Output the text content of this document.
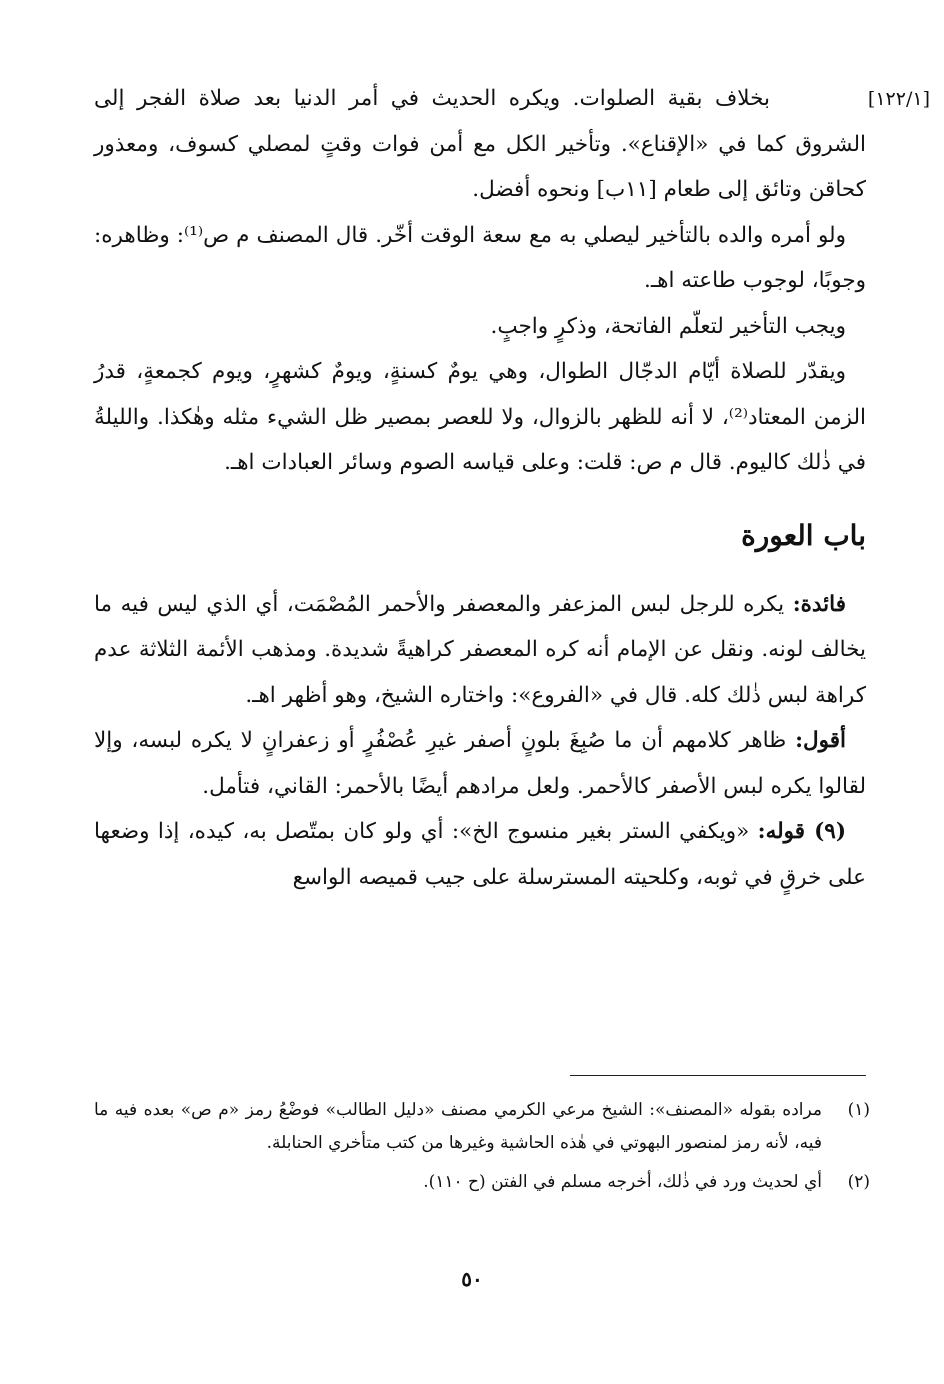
[١٢٢/١]

بخلاف بقية الصلوات. ويكره الحديث في أمر الدنيا بعد صلاة الفجر إلى الشروق كما في «الإقناع». وتأخير الكل مع أمن فوات وقتٍ لمصلي كسوف، ومعذور كحاقن وتائق إلى طعام [١١ب] ونحوه أفضل.

ولو أمره والده بالتأخير ليصلي به مع سعة الوقت أخّر. قال المصنف م ص⁽¹⁾: وظاهره: وجوبًا، لوجوب طاعته اهـ.

ويجب التأخير لتعلّم الفاتحة، وذكرٍ واجبٍ.

ويقدّر للصلاة أيّام الدجّال الطوال، وهي يومٌ كسنةٍ، ويومٌ كشهرٍ، ويوم كجمعةٍ، قدرُ الزمن المعتاد⁽²⁾، لا أنه للظهر بالزوال، ولا للعصر بمصير ظل الشيء مثله وهٰكذا. والليلةُ في ذٰلك كاليوم. قال م ص: قلت: وعلى قياسه الصوم وسائر العبادات اهـ.

باب العورة

فائدة: يكره للرجل لبس المزعفر والمعصفر والأحمر المُصْمَت، أي الذي ليس فيه ما يخالف لونه. ونقل عن الإمام أنه كره المعصفر كراهيةً شديدة. ومذهب الأئمة الثلاثة عدم كراهة لبس ذٰلك كله. قال في «الفروع»: واختاره الشيخ، وهو أظهر اهـ.

أقول: ظاهر كلامهم أن ما صُبِغَ بلونٍ أصفر غيرِ عُصْفُرٍ أو زعفرانٍ لا يكره لبسه، وإلا لقالوا يكره لبس الأصفر كالأحمر. ولعل مرادهم أيضًا بالأحمر: القاني، فتأمل.

(٩) قوله: «ويكفي الستر بغير منسوج الخ»: أي ولو كان بمتّصل به، كيده، إذا وضعها على خرقٍ في ثوبه، وكلحيته المسترسلة على جيب قميصه الواسع

(١)
مراده بقوله «المصنف»: الشيخ مرعي الكرمي مصنف «دليل الطالب» فوضْعُ رمز «م ص» بعده فيه ما فيه، لأنه رمز لمنصور البهوتي في هٰذه الحاشية وغيرها من كتب متأخري الحنابلة.
(٢)
أي لحديث ورد في ذٰلك، أخرجه مسلم في الفتن (ح ١١٠).
٥٠
